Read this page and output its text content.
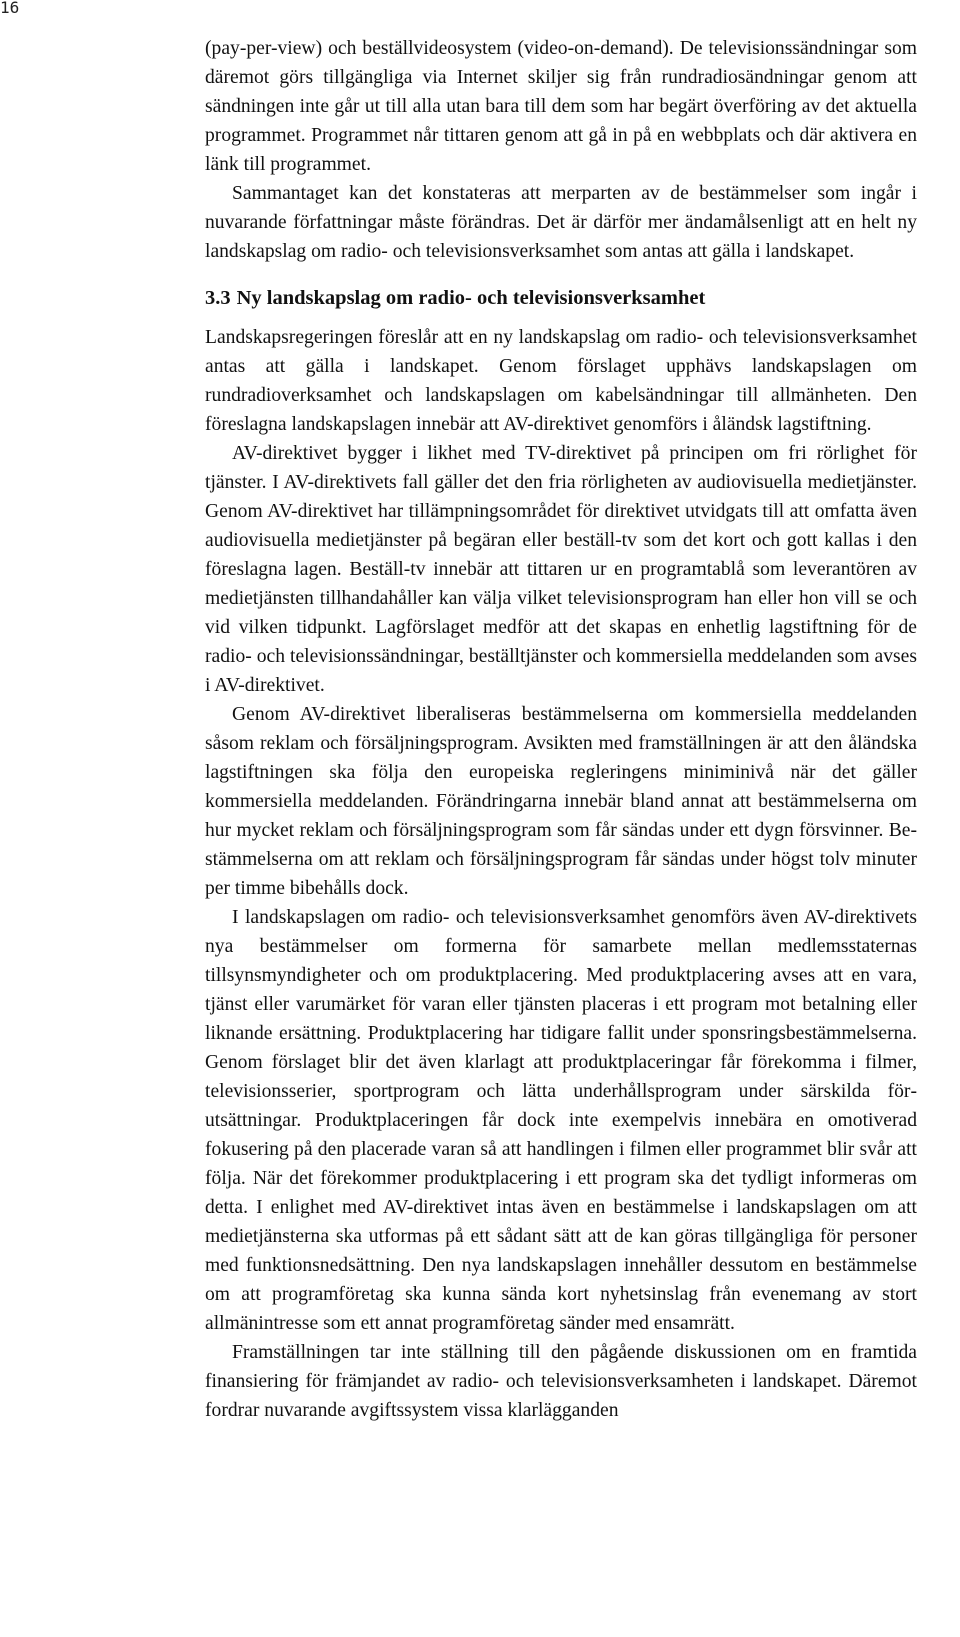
16

(pay-per-view) och beställvideosystem (video-on-demand). De televisionssändningar som däremot görs tillgängliga via Internet skiljer sig från rundradiosändningar genom att sändningen inte går ut till alla utan bara till dem som har begärt överföring av det aktuella programmet. Programmet når tittaren genom att gå in på en webbplats och där aktivera en länk till programmet.

Sammantaget kan det konstateras att merparten av de bestämmelser som ingår i nuvarande författningar måste förändras. Det är därför mer ändamålsenligt att en helt ny landskapslag om radio- och televisionsverksamhet som antas att gälla i landskapet.

3.3 Ny landskapslag om radio- och televisionsverksamhet

Landskapsregeringen föreslår att en ny landskapslag om radio- och televisionsverksamhet antas att gälla i landskapet. Genom förslaget upphävs landskapslagen om rundradioverksamhet och landskapslagen om kabelsändningar till allmänheten. Den föreslagna landskapslagen innebär att AV-direktivet genomförs i åländsk lagstiftning.

AV-direktivet bygger i likhet med TV-direktivet på principen om fri rörlighet för tjänster. I AV-direktivets fall gäller det den fria rörligheten av audiovisuella medietjänster. Genom AV-direktivet har tillämpningsområdet för direktivet utvidgats till att omfatta även audiovisuella medietjänster på begäran eller beställ-tv som det kort och gott kallas i den föreslagna lagen. Beställ-tv innebär att tittaren ur en programtablå som leverantören av medietjänsten tillhandahåller kan välja vilket televisionsprogram han eller hon vill se och vid vilken tidpunkt. Lagförslaget medför att det skapas en enhetlig lagstiftning för de radio- och televisionssändningar, beställtjänster och kommersiella meddelanden som avses i AV-direktivet.

Genom AV-direktivet liberaliseras bestämmelserna om kommersiella meddelanden såsom reklam och försäljningsprogram. Avsikten med framställningen är att den åländska lagstiftningen ska följa den europeiska regleringens miniminivå när det gäller kommersiella meddelanden. Förändringarna innebär bland annat att bestämmelserna om hur mycket reklam och försäljningsprogram som får sändas under ett dygn försvinner. Bestämmelserna om att reklam och försäljningsprogram får sändas under högst tolv minuter per timme bibehålls dock.

I landskapslagen om radio- och televisionsverksamhet genomförs även AV-direktivets nya bestämmelser om formerna för samarbete mellan medlemsstaternas tillsynsmyndigheter och om produktplacering. Med produktplacering avses att en vara, tjänst eller varumärket för varan eller tjänsten placeras i ett program mot betalning eller liknande ersättning. Produktplacering har tidigare fallit under sponsringsbestämmelserna. Genom förslaget blir det även klarlagt att produktplaceringar får förekomma i filmer, televisionsserier, sportprogram och lätta underhållsprogram under särskilda förutsättningar. Produktplaceringen får dock inte exempelvis innebära en omotiverad fokusering på den placerade varan så att handlingen i filmen eller programmet blir svår att följa. När det förekommer produktplacering i ett program ska det tydligt informeras om detta. I enlighet med AV-direktivet intas även en bestämmelse i landskapslagen om att medietjänsterna ska utformas på ett sådant sätt att de kan göras tillgängliga för personer med funktionsnedsättning. Den nya landskapslagen innehåller dessutom en bestämmelse om att programföretag ska kunna sända kort nyhetsinslag från evenemang av stort allmänintresse som ett annat programföretag sänder med ensamrätt.

Framställningen tar inte ställning till den pågående diskussionen om en framtida finansiering för främjandet av radio- och televisionsverksamheten i landskapet. Däremot fordrar nuvarande avgiftssystem vissa klarlägganden
